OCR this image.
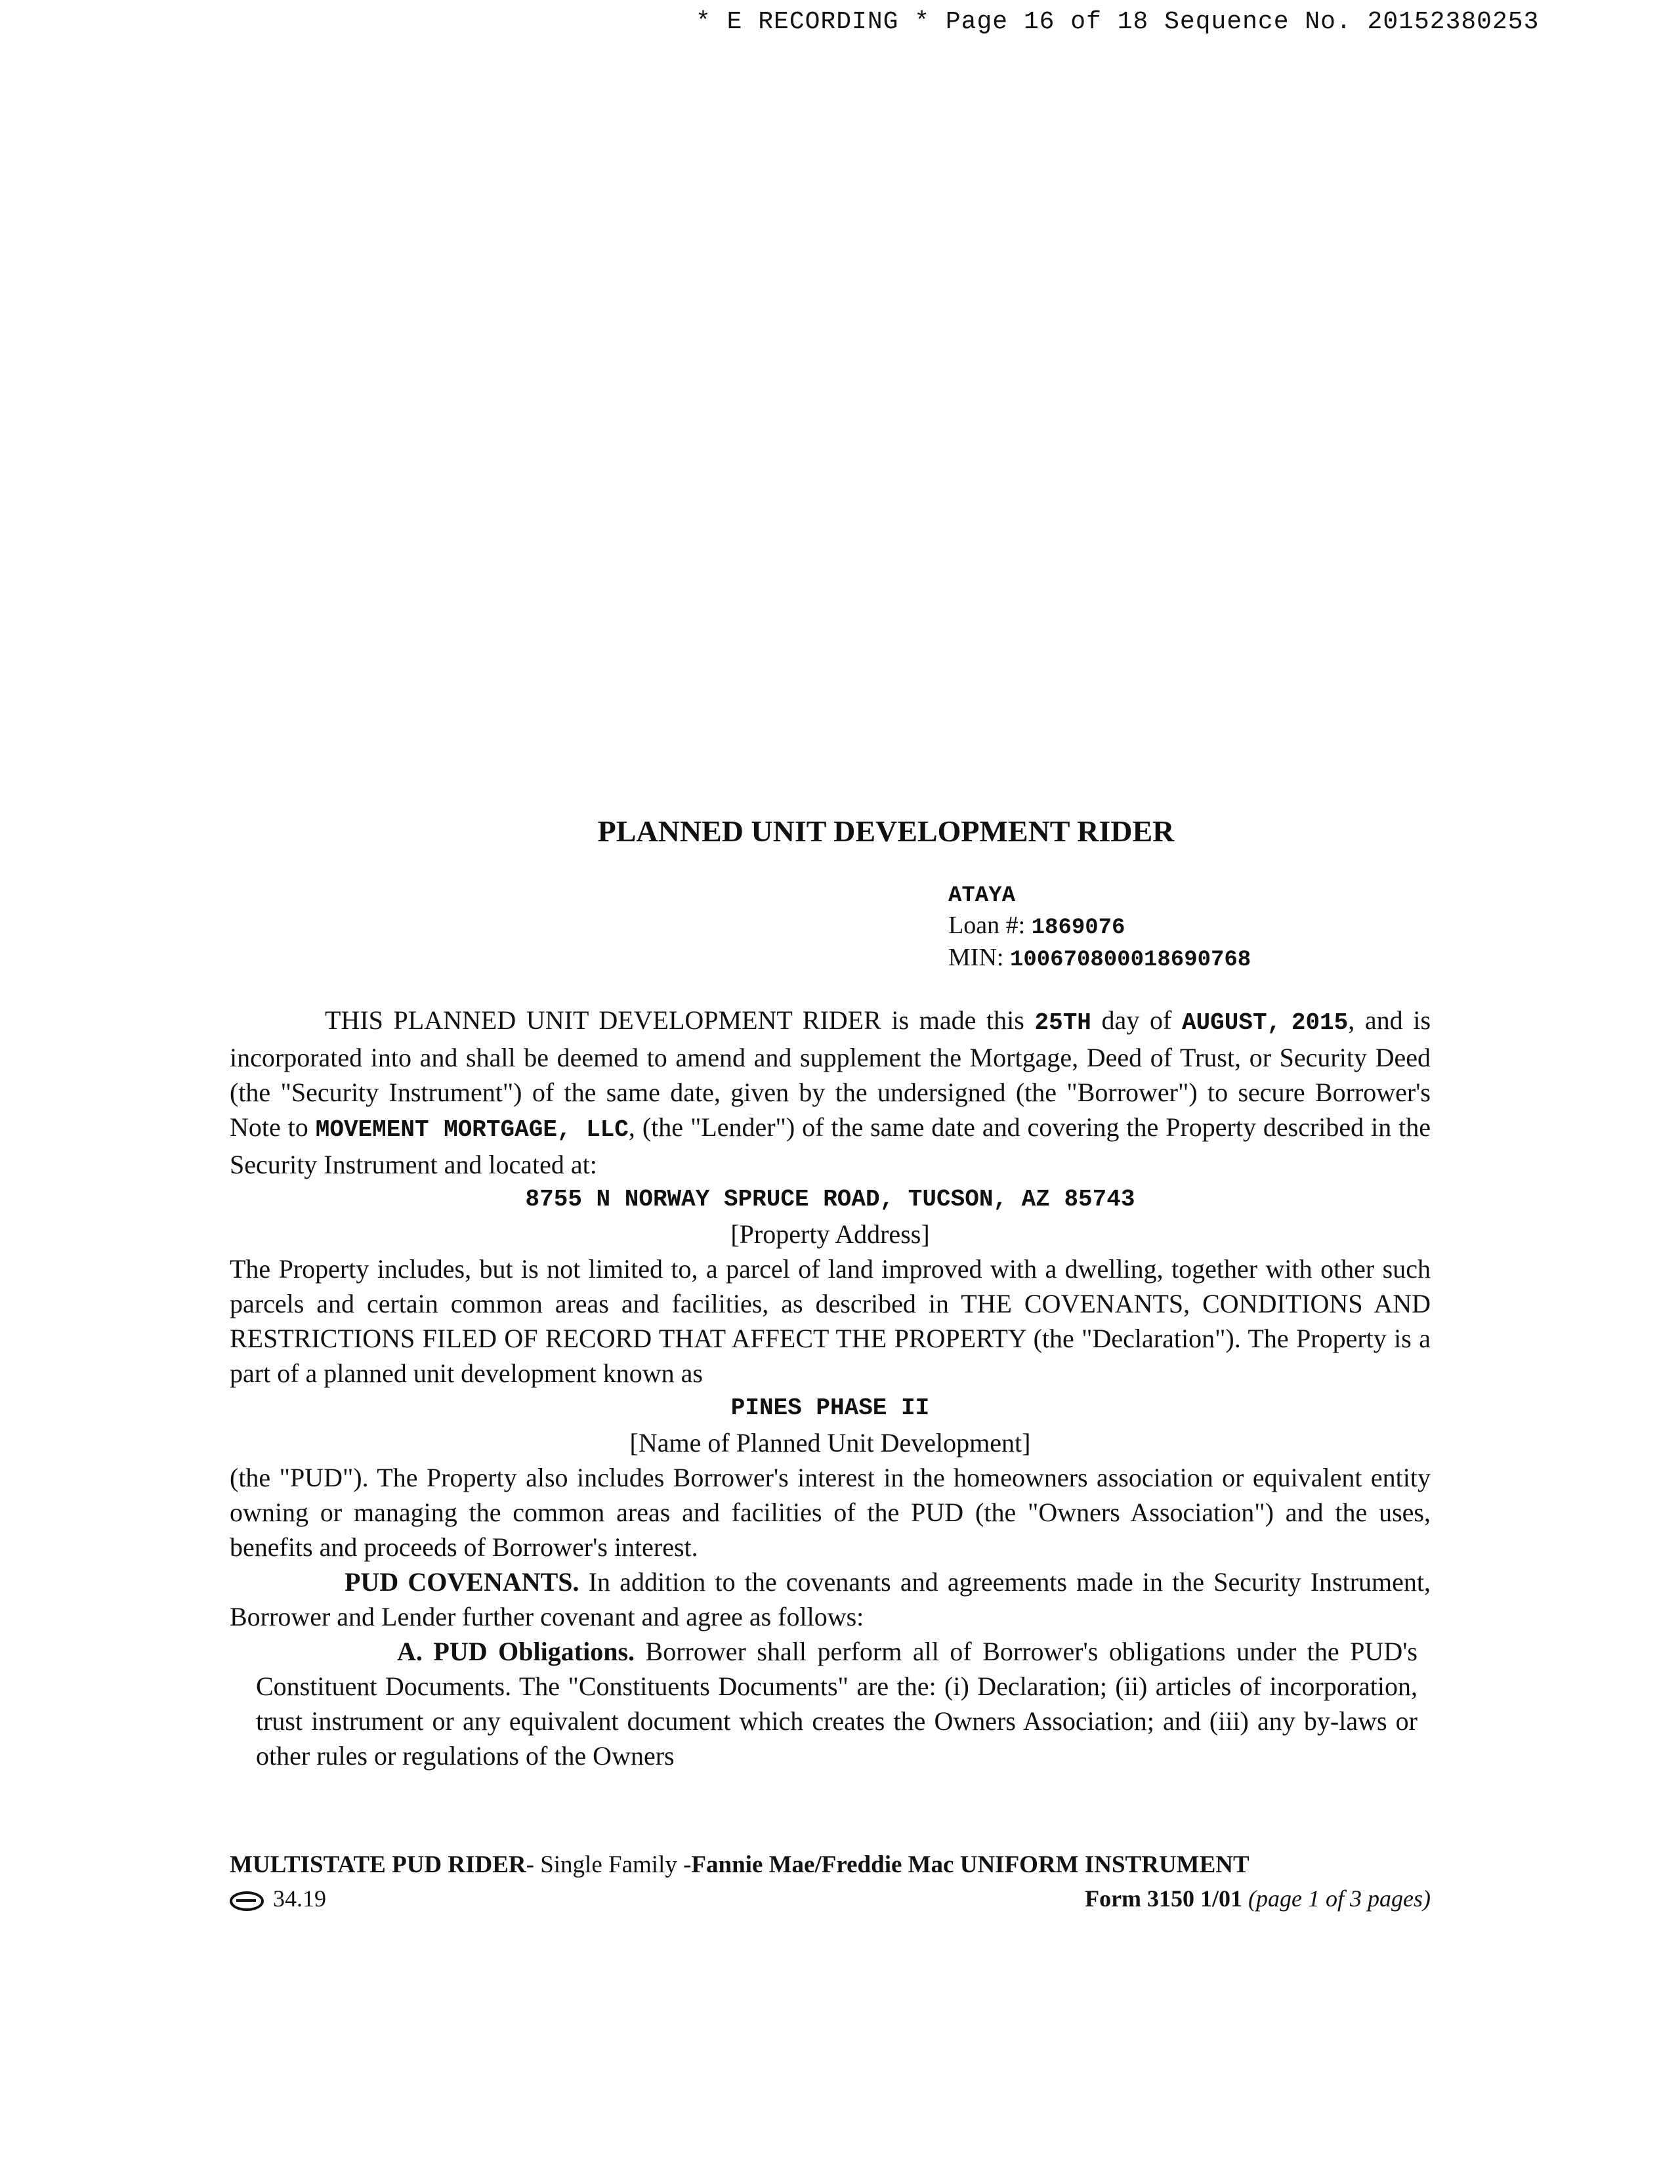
* E RECORDING * Page 16 of 18 Sequence No. 20152380253
PLANNED UNIT DEVELOPMENT RIDER
ATAYA
Loan #: 1869076
MIN: 100670800018690768

THIS PLANNED UNIT DEVELOPMENT RIDER is made this 25TH day of AUGUST, 2015, and is incorporated into and shall be deemed to amend and supplement the Mortgage, Deed of Trust, or Security Deed (the "Security Instrument") of the same date, given by the undersigned (the "Borrower") to secure Borrower's Note to MOVEMENT MORTGAGE, LLC, (the "Lender") of the same date and covering the Property described in the Security Instrument and located at:

8755 N NORWAY SPRUCE ROAD, TUCSON, AZ 85743

[Property Address]

The Property includes, but is not limited to, a parcel of land improved with a dwelling, together with other such parcels and certain common areas and facilities, as described in THE COVENANTS, CONDITIONS AND RESTRICTIONS FILED OF RECORD THAT AFFECT THE PROPERTY (the "Declaration"). The Property is a part of a planned unit development known as

PINES PHASE II

[Name of Planned Unit Development]

(the "PUD"). The Property also includes Borrower's interest in the homeowners association or equivalent entity owning or managing the common areas and facilities of the PUD (the "Owners Association") and the uses, benefits and proceeds of Borrower's interest.

PUD COVENANTS. In addition to the covenants and agreements made in the Security Instrument, Borrower and Lender further covenant and agree as follows:

A. PUD Obligations. Borrower shall perform all of Borrower's obligations under the PUD's Constituent Documents. The "Constituents Documents" are the: (i) Declaration; (ii) articles of incorporation, trust instrument or any equivalent document which creates the Owners Association; and (iii) any by-laws or other rules or regulations of the Owners

MULTISTATE PUD RIDER- Single Family -Fannie Mae/Freddie Mac UNIFORM INSTRUMENT
34.19	Form 3150 1/01 (page 1 of 3 pages)
